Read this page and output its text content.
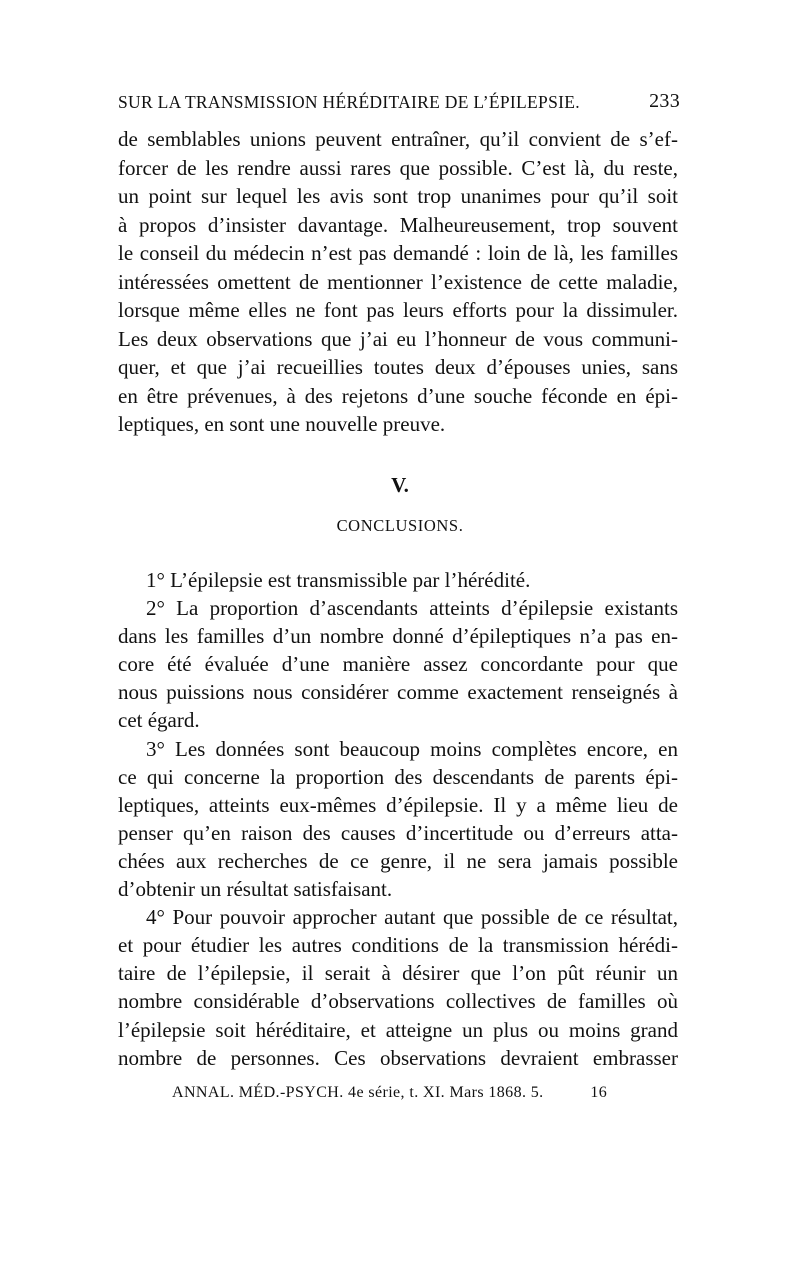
SUR LA TRANSMISSION HÉRÉDITAIRE DE L’ÉPILEPSIE.	233
de semblables unions peuvent entraîner, qu’il convient de s’ef-
forcer de les rendre aussi rares que possible. C’est là, du reste,
un point sur lequel les avis sont trop unanimes pour qu’il soit
à propos d’insister davantage. Malheureusement, trop souvent
le conseil du médecin n’est pas demandé : loin de là, les familles
intéressées omettent de mentionner l’existence de cette maladie,
lorsque même elles ne font pas leurs efforts pour la dissimuler.
Les deux observations que j’ai eu l’honneur de vous communi-
quer, et que j’ai recueillies toutes deux d’épouses unies, sans
en être prévenues, à des rejetons d’une souche féconde en épi-
leptiques, en sont une nouvelle preuve.
V.
CONCLUSIONS.
1° L’épilepsie est transmissible par l’hérédité.
2° La proportion d’ascendants atteints d’épilepsie existants
dans les familles d’un nombre donné d’épileptiques n’a pas en-
core été évaluée d’une manière assez concordante pour que
nous puissions nous considérer comme exactement renseignés à
cet égard.
3° Les données sont beaucoup moins complètes encore, en
ce qui concerne la proportion des descendants de parents épi-
leptiques, atteints eux-mêmes d’épilepsie. Il y a même lieu de
penser qu’en raison des causes d’incertitude ou d’erreurs atta-
chées aux recherches de ce genre, il ne sera jamais possible
d’obtenir un résultat satisfaisant.
4° Pour pouvoir approcher autant que possible de ce résultat,
et pour étudier les autres conditions de la transmission hérédi-
taire de l’épilepsie, il serait à désirer que l’on pût réunir un
nombre considérable d’observations collectives de familles où
l’épilepsie soit héréditaire, et atteigne un plus ou moins grand
nombre de personnes. Ces observations devraient embrasser
ANNAL. MÉD.-PSYCH. 4e série, t. XI. Mars 1868. 5.	16
